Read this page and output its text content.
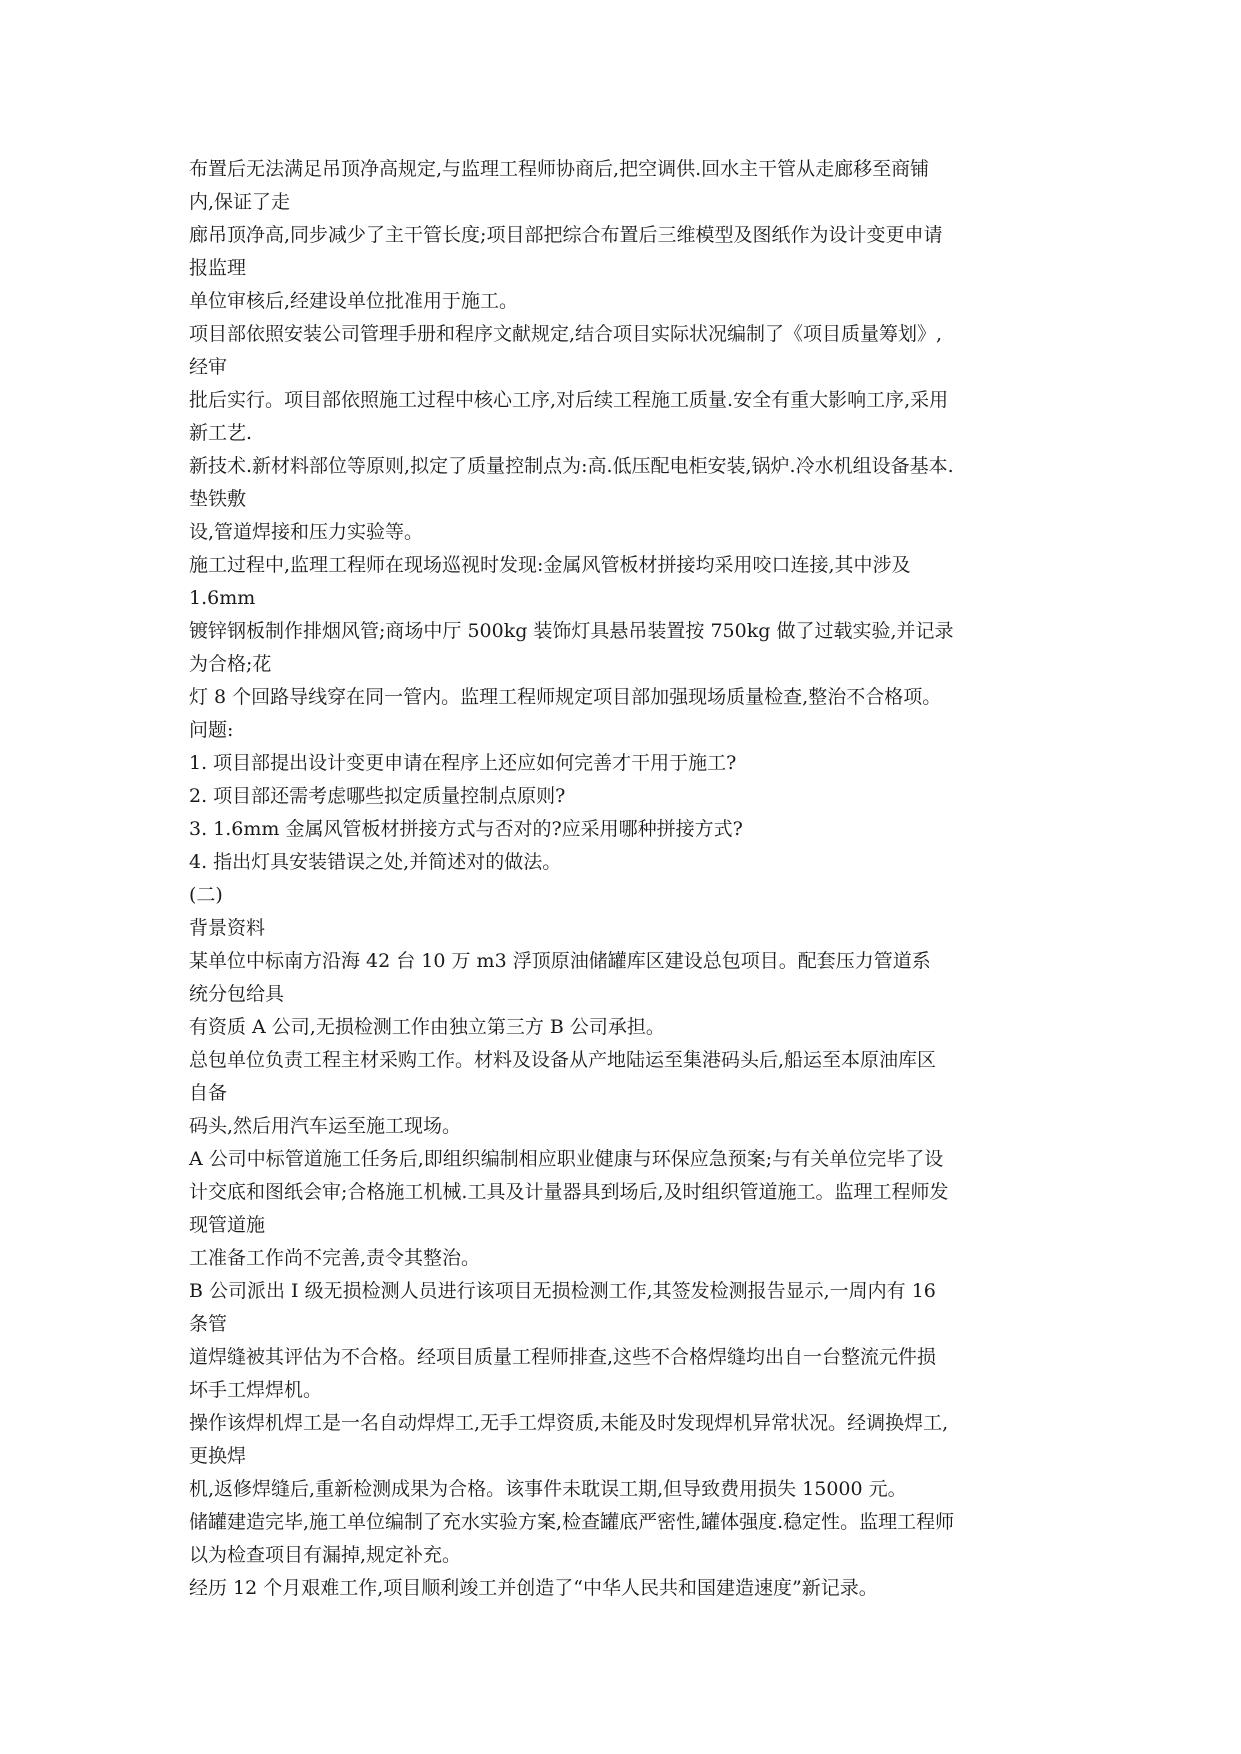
布置后无法满足吊顶净高规定,与监理工程师协商后,把空调供.回水主干管从走廊移至商铺

内,保证了走

廊吊顶净高,同步减少了主干管长度;项目部把综合布置后三维模型及图纸作为设计变更申请

报监理

单位审核后,经建设单位批准用于施工。

项目部依照安装公司管理手册和程序文献规定,结合项目实际状况编制了《项目质量筹划》,

经审

批后实行。项目部依照施工过程中核心工序,对后续工程施工质量.安全有重大影响工序,采用

新工艺.

新技术.新材料部位等原则,拟定了质量控制点为:高.低压配电柜安装,锅炉.冷水机组设备基本.

垫铁敷

设,管道焊接和压力实验等。

施工过程中,监理工程师在现场巡视时发现:金属风管板材拼接均采用咬口连接,其中涉及

1.6mm

镀锌钢板制作排烟风管;商场中厅 500kg 装饰灯具悬吊装置按 750kg 做了过载实验,并记录

为合格;花

灯 8 个回路导线穿在同一管内。监理工程师规定项目部加强现场质量检查,整治不合格项。

问题:

1. 项目部提出设计变更申请在程序上还应如何完善才干用于施工?

2. 项目部还需考虑哪些拟定质量控制点原则?

3. 1.6mm 金属风管板材拼接方式与否对的?应采用哪种拼接方式?

4. 指出灯具安装错误之处,并简述对的做法。

(二)

背景资料

某单位中标南方沿海 42 台 10 万 m3 浮顶原油储罐库区建设总包项目。配套压力管道系

统分包给具

有资质 A 公司,无损检测工作由独立第三方 B 公司承担。

总包单位负责工程主材采购工作。材料及设备从产地陆运至集港码头后,船运至本原油库区

自备

码头,然后用汽车运至施工现场。

A 公司中标管道施工任务后,即组织编制相应职业健康与环保应急预案;与有关单位完毕了设

计交底和图纸会审;合格施工机械.工具及计量器具到场后,及时组织管道施工。监理工程师发

现管道施

工准备工作尚不完善,责令其整治。

B 公司派出 I 级无损检测人员进行该项目无损检测工作,其签发检测报告显示,一周内有 16

条管

道焊缝被其评估为不合格。经项目质量工程师排查,这些不合格焊缝均出自一台整流元件损

坏手工焊焊机。

操作该焊机焊工是一名自动焊焊工,无手工焊资质,未能及时发现焊机异常状况。经调换焊工,

更换焊

机,返修焊缝后,重新检测成果为合格。该事件未耽误工期,但导致费用损失 15000 元。

储罐建造完毕,施工单位编制了充水实验方案,检查罐底严密性,罐体强度.稳定性。监理工程师

以为检查项目有漏掉,规定补充。

经历 12 个月艰难工作,项目顺利竣工并创造了“中华人民共和国建造速度”新记录。
